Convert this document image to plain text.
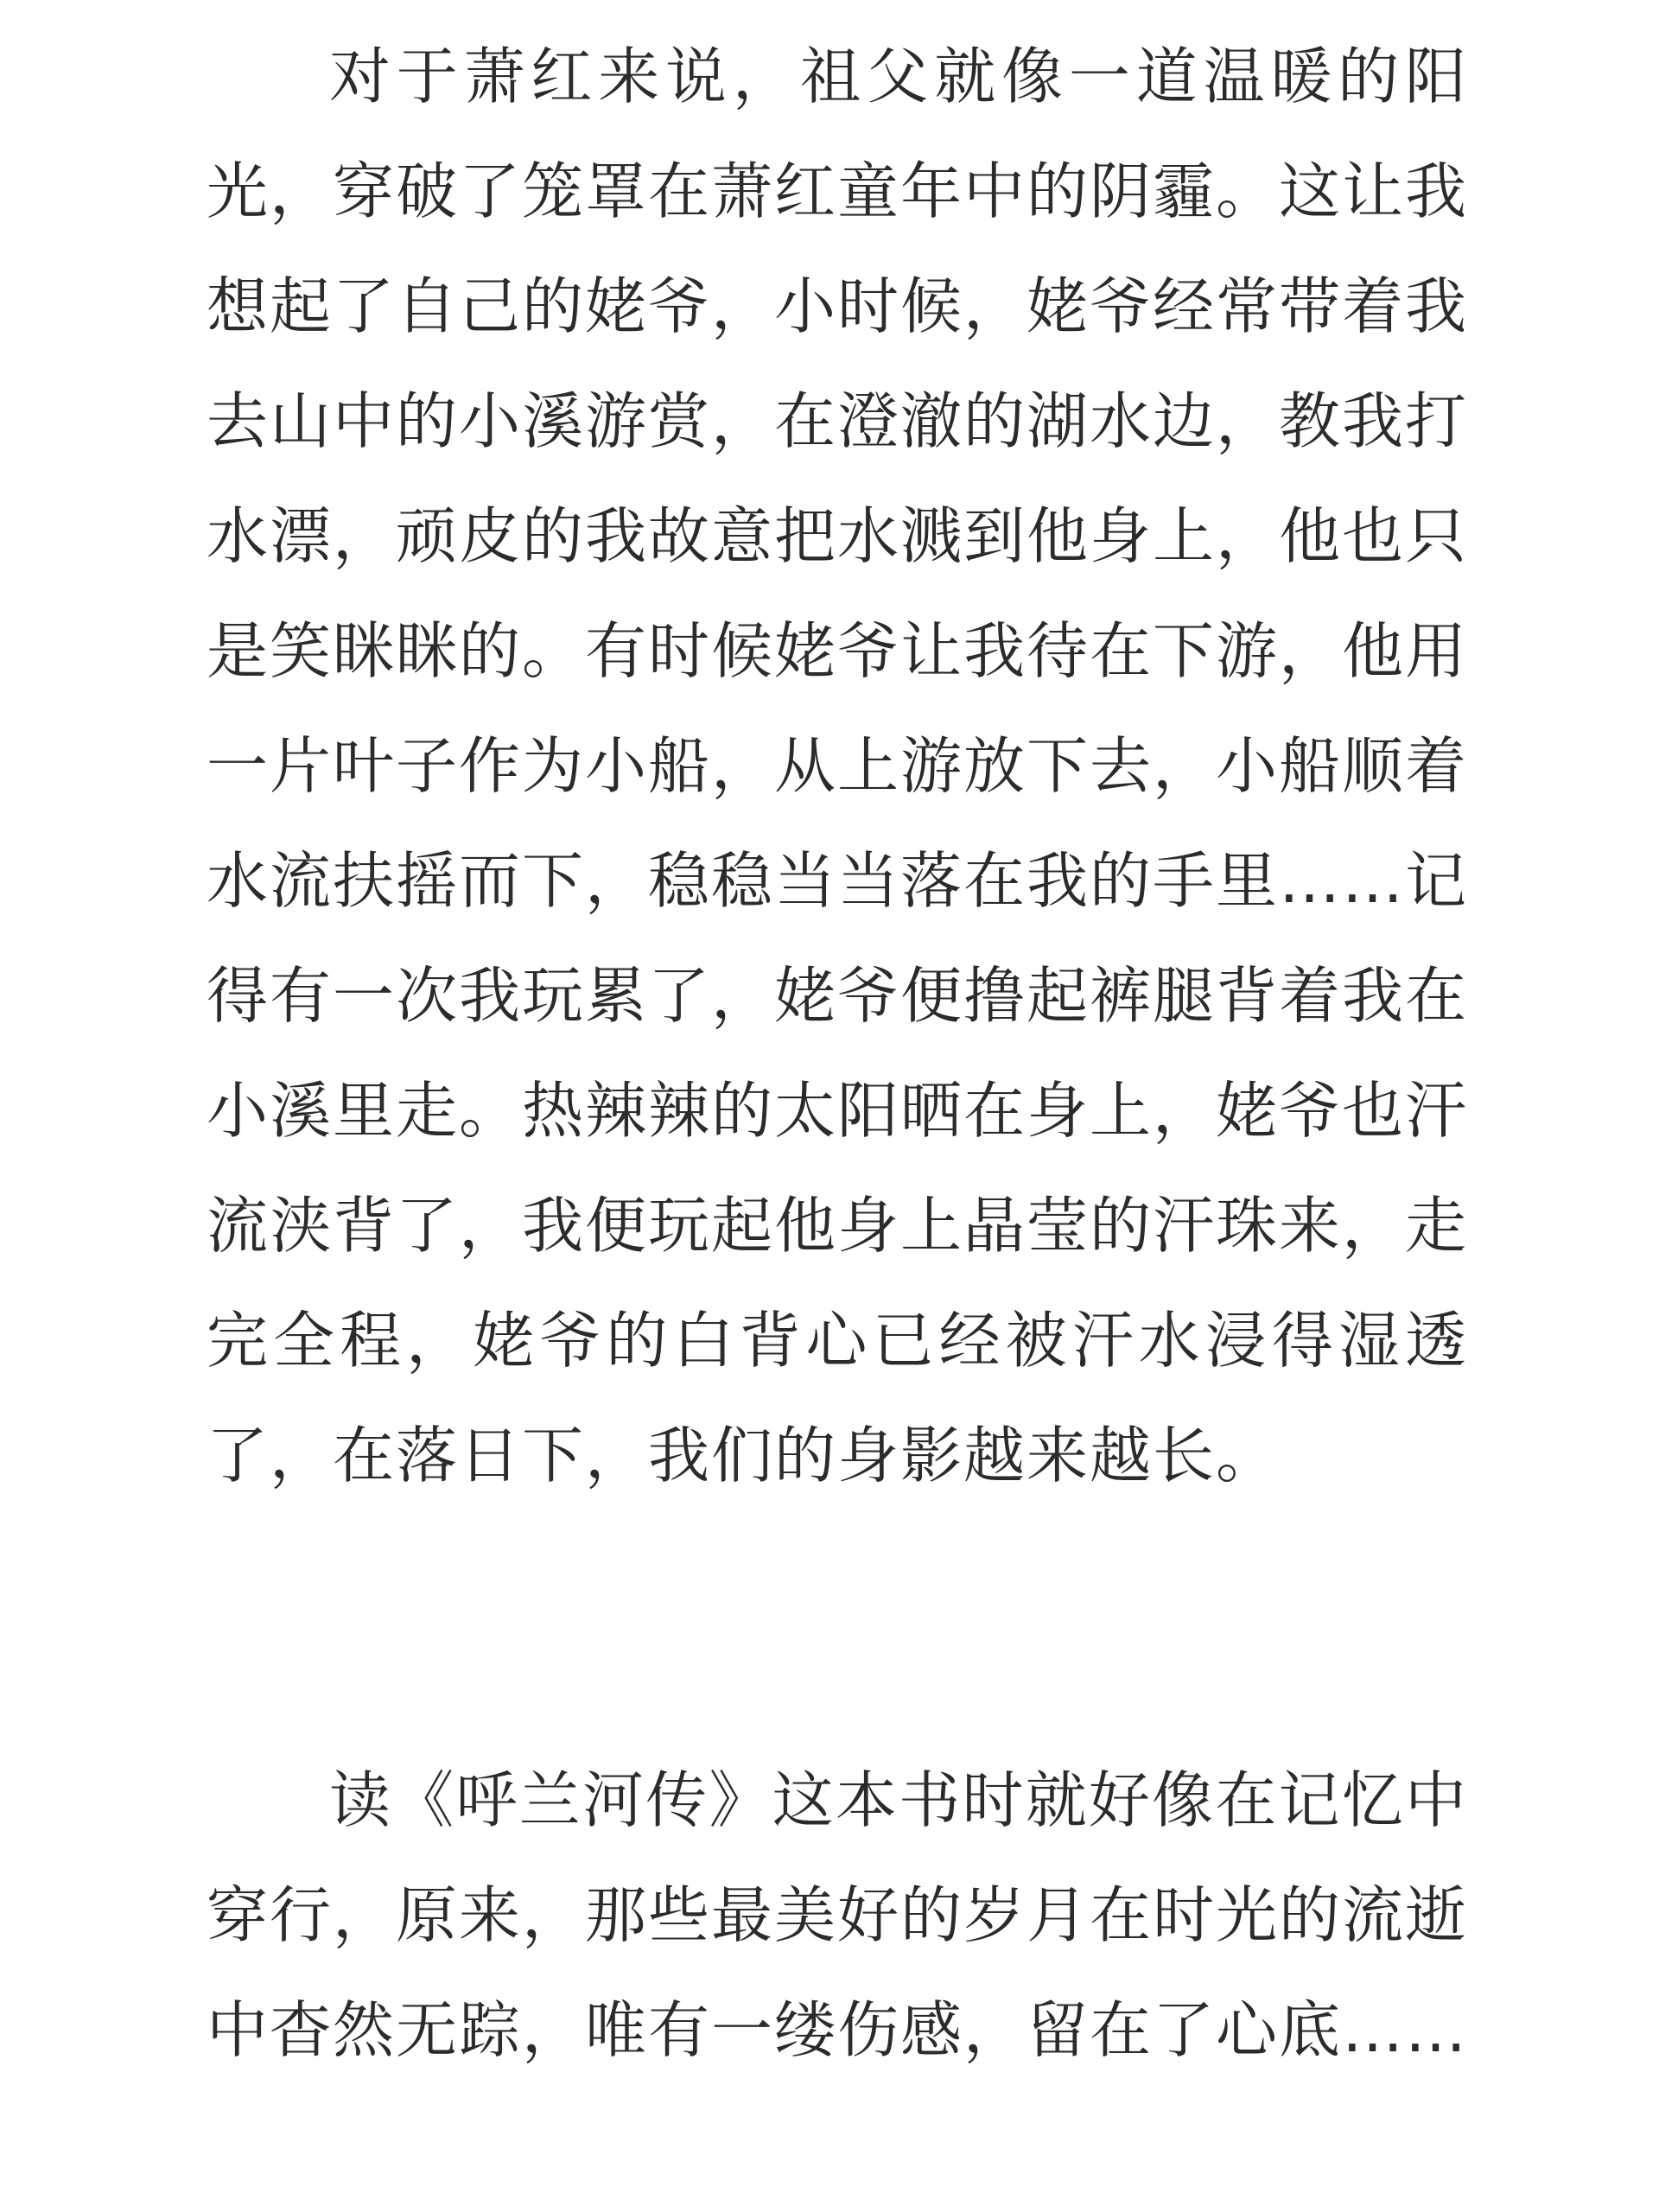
对于萧红来说，祖父就像一道温暖的阳光，穿破了笼罩在萧红童年中的阴霾。这让我想起了自己的姥爷，小时候，姥爷经常带着我去山中的小溪游赏，在澄澈的湖水边，教我打水漂，顽皮的我故意把水溅到他身上，他也只是笑眯眯的。有时候姥爷让我待在下游，他用一片叶子作为小船，从上游放下去，小船顺着水流扶摇而下，稳稳当当落在我的手里……记得有一次我玩累了，姥爷便撸起裤腿背着我在小溪里走。热辣辣的太阳晒在身上，姥爷也汗流浃背了，我便玩起他身上晶莹的汗珠来，走完全程，姥爷的白背心已经被汗水浸得湿透了，在落日下，我们的身影越来越长。

读《呼兰河传》这本书时就好像在记忆中穿行，原来，那些最美好的岁月在时光的流逝中杳然无踪，唯有一缕伤感，留在了心底……
